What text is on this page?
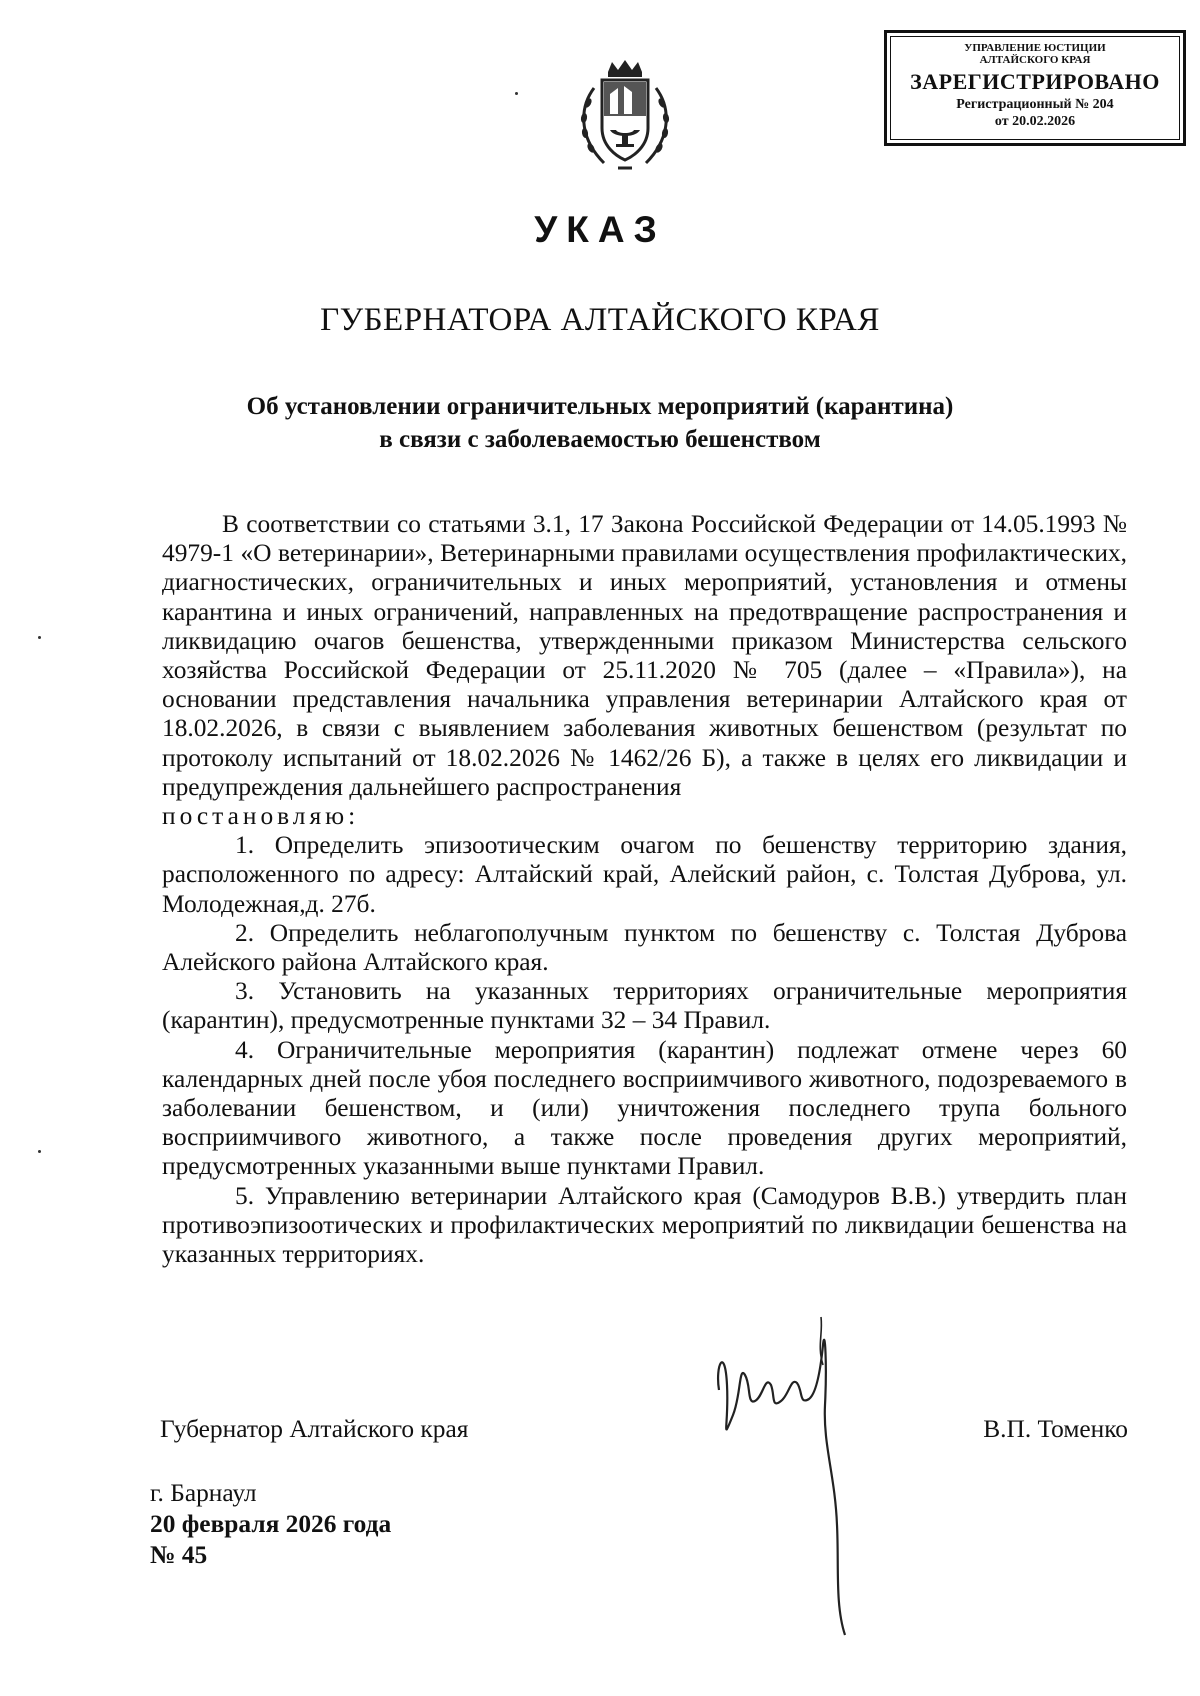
УПРАВЛЕНИЕ ЮСТИЦИИ
АЛТАЙСКОГО КРАЯ
ЗАРЕГИСТРИРОВАНО
Регистрационный № 204
от 20.02.2026
УКАЗ
ГУБЕРНАТОРА АЛТАЙСКОГО КРАЯ
Об установлении ограничительных мероприятий (карантина)
в связи с заболеваемостью бешенством

В соответствии со статьями 3.1, 17 Закона Российской Федерации от 14.05.1993 № 4979-1 «О ветеринарии», Ветеринарными правилами осуществления профилактических, диагностических, ограничительных и иных мероприятий, установления и отмены карантина и иных ограничений, направленных на предотвращение распространения и ликвидацию очагов бешенства, утвержденными приказом Министерства сельского хозяйства Российской Федерации от 25.11.2020 № 705 (далее – «Правила»), на основании представления начальника управления ветеринарии Алтайского края от 18.02.2026, в связи с выявлением заболевания животных бешенством (результат по протоколу испытаний от 18.02.2026 № 1462/26 Б), а также в целях его ликвидации и предупреждения дальнейшего распространения

постановляю:

1. Определить эпизоотическим очагом по бешенству территорию здания, расположенного по адресу: Алтайский край, Алейский район, с. Толстая Дуброва, ул. Молодежная,д. 27б.

2. Определить неблагополучным пунктом по бешенству с. Толстая Дуброва Алейского района Алтайского края.

3. Установить на указанных территориях ограничительные мероприятия (карантин), предусмотренные пунктами 32 – 34 Правил.

4. Ограничительные мероприятия (карантин) подлежат отмене через 60 календарных дней после убоя последнего восприимчивого животного, подозреваемого в заболевании бешенством, и (или) уничтожения последнего трупа больного восприимчивого животного, а также после проведения других мероприятий, предусмотренных указанными выше пунктами Правил.

5. Управлению ветеринарии Алтайского края (Самодуров В.В.) утвердить план противоэпизоотических и профилактических мероприятий по ликвидации бешенства на указанных территориях.

Губернатор Алтайского края	В.П. Томенко
г. Барнаул
20 февраля 2026 года
№ 45
